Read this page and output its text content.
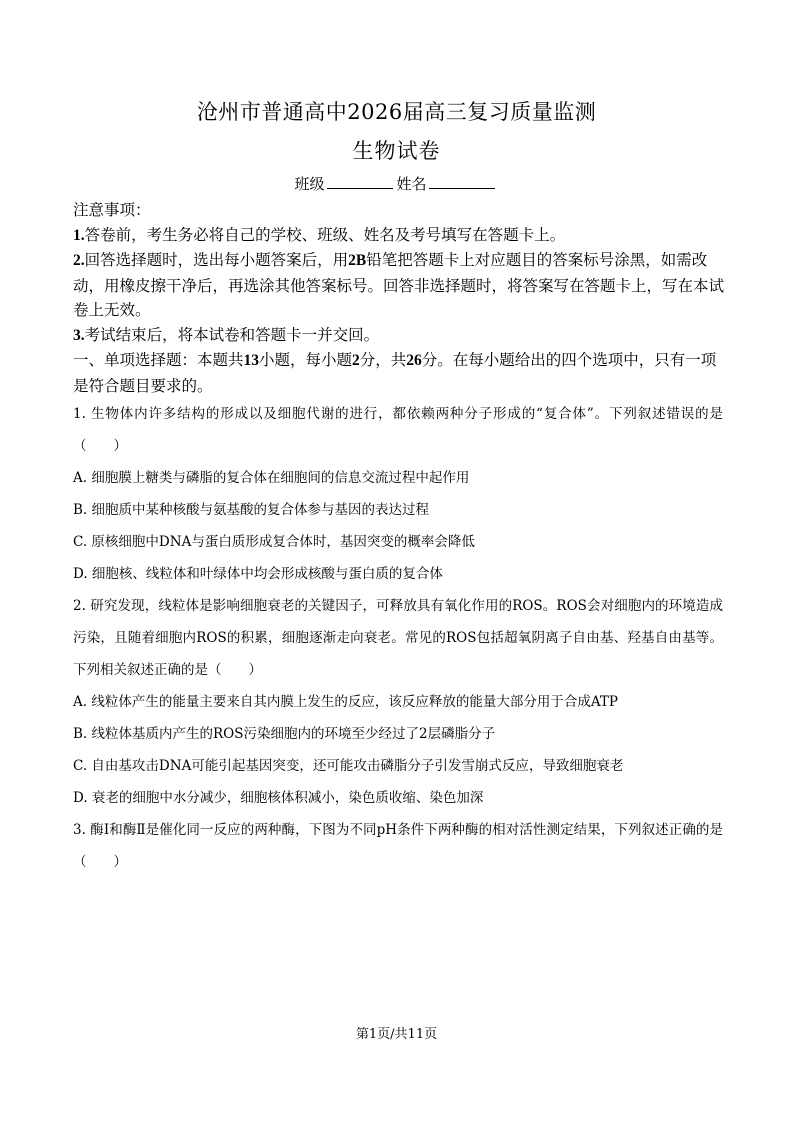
沧州市普通高中2026届高三复习质量监测
生物试卷
班级	姓名

注意事项：

1.答卷前，考生务必将自己的学校、班级、姓名及考号填写在答题卡上。

2.回答选择题时，选出每小题答案后，用2B铅笔把答题卡上对应题目的答案标号涂黑，如需改动，用橡皮擦干净后，再选涂其他答案标号。回答非选择题时，将答案写在答题卡上，写在本试卷上无效。

3.考试结束后，将本试卷和答题卡一并交回。

一、单项选择题：本题共13小题，每小题2分，共26分。在每小题给出的四个选项中，只有一项是符合题目要求的。

1. 生物体内许多结构的形成以及细胞代谢的进行，都依赖两种分子形成的“复合体”。下列叙述错误的是（　　）

A. 细胞膜上糖类与磷脂的复合体在细胞间的信息交流过程中起作用

B. 细胞质中某种核酸与氨基酸的复合体参与基因的表达过程

C. 原核细胞中DNA与蛋白质形成复合体时，基因突变的概率会降低

D. 细胞核、线粒体和叶绿体中均会形成核酸与蛋白质的复合体

2. 研究发现，线粒体是影响细胞衰老的关键因子，可释放具有氧化作用的ROS。ROS会对细胞内的环境造成污染，且随着细胞内ROS的积累，细胞逐渐走向衰老。常见的ROS包括超氧阴离子自由基、羟基自由基等。下列相关叙述正确的是（　　）

A. 线粒体产生的能量主要来自其内膜上发生的反应，该反应释放的能量大部分用于合成ATP

B. 线粒体基质内产生的ROS污染细胞内的环境至少经过了2层磷脂分子

C. 自由基攻击DNA可能引起基因突变，还可能攻击磷脂分子引发雪崩式反应，导致细胞衰老

D. 衰老的细胞中水分减少，细胞核体积减小，染色质收缩、染色加深

3. 酶Ⅰ和酶Ⅱ是催化同一反应的两种酶，下图为不同pH条件下两种酶的相对活性测定结果，下列叙述正确的是（　　）

第1页/共11页
